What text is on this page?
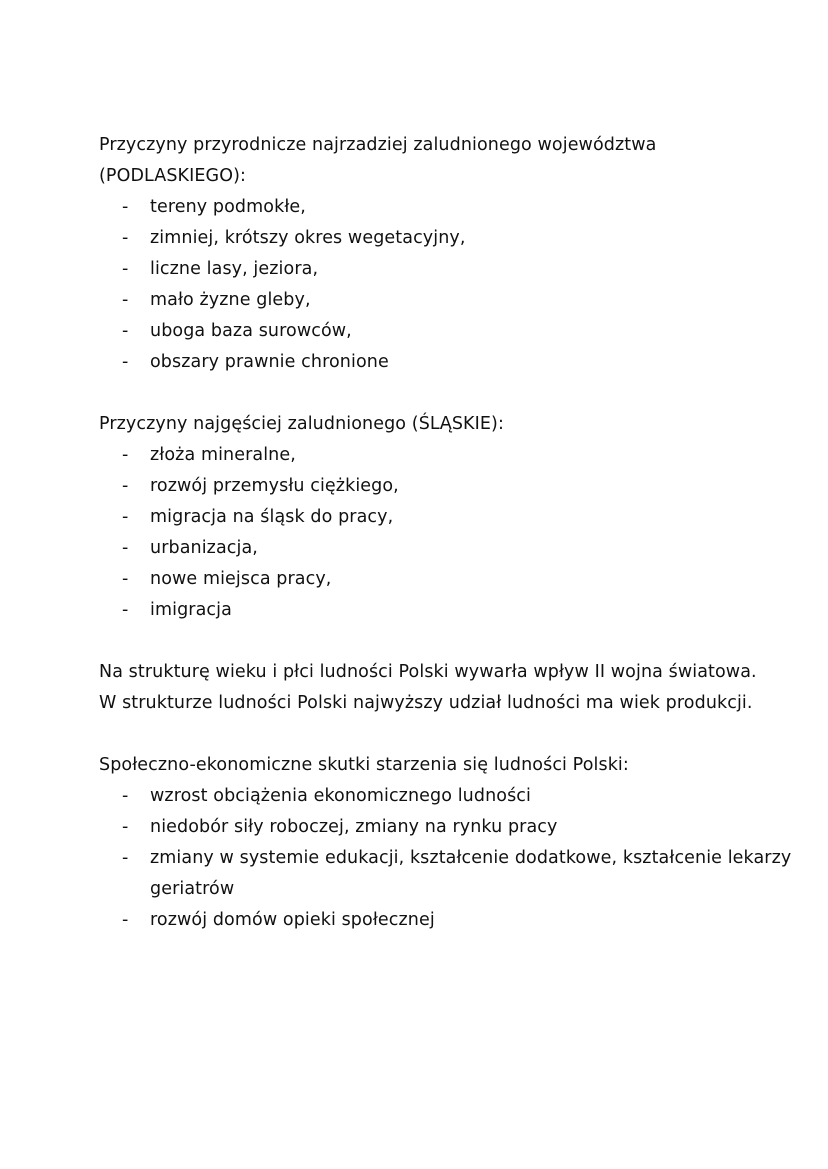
Przyczyny przyrodnicze najrzadziej zaludnionego województwa (PODLASKIEGO):

- tereny podmokłe,
- zimniej, krótszy okres wegetacyjny,
- liczne lasy, jeziora,
- mało żyzne gleby,
- uboga baza surowców,
- obszary prawnie chronione

Przyczyny najgęściej zaludnionego (ŚLĄSKIE):

- złoża mineralne,
- rozwój przemysłu ciężkiego,
- migracja na śląsk do pracy,
- urbanizacja,
- nowe miejsca pracy,
- imigracja

Na strukturę wieku i płci ludności Polski wywarła wpływ II wojna światowa.

W strukturze ludności Polski najwyższy udział ludności ma wiek produkcji.

Społeczno-ekonomiczne skutki starzenia się ludności Polski:

- wzrost obciążenia ekonomicznego ludności
- niedobór siły roboczej, zmiany na rynku pracy
- zmiany w systemie edukacji, kształcenie dodatkowe, kształcenie lekarzy geriatrów
- rozwój domów opieki społecznej
